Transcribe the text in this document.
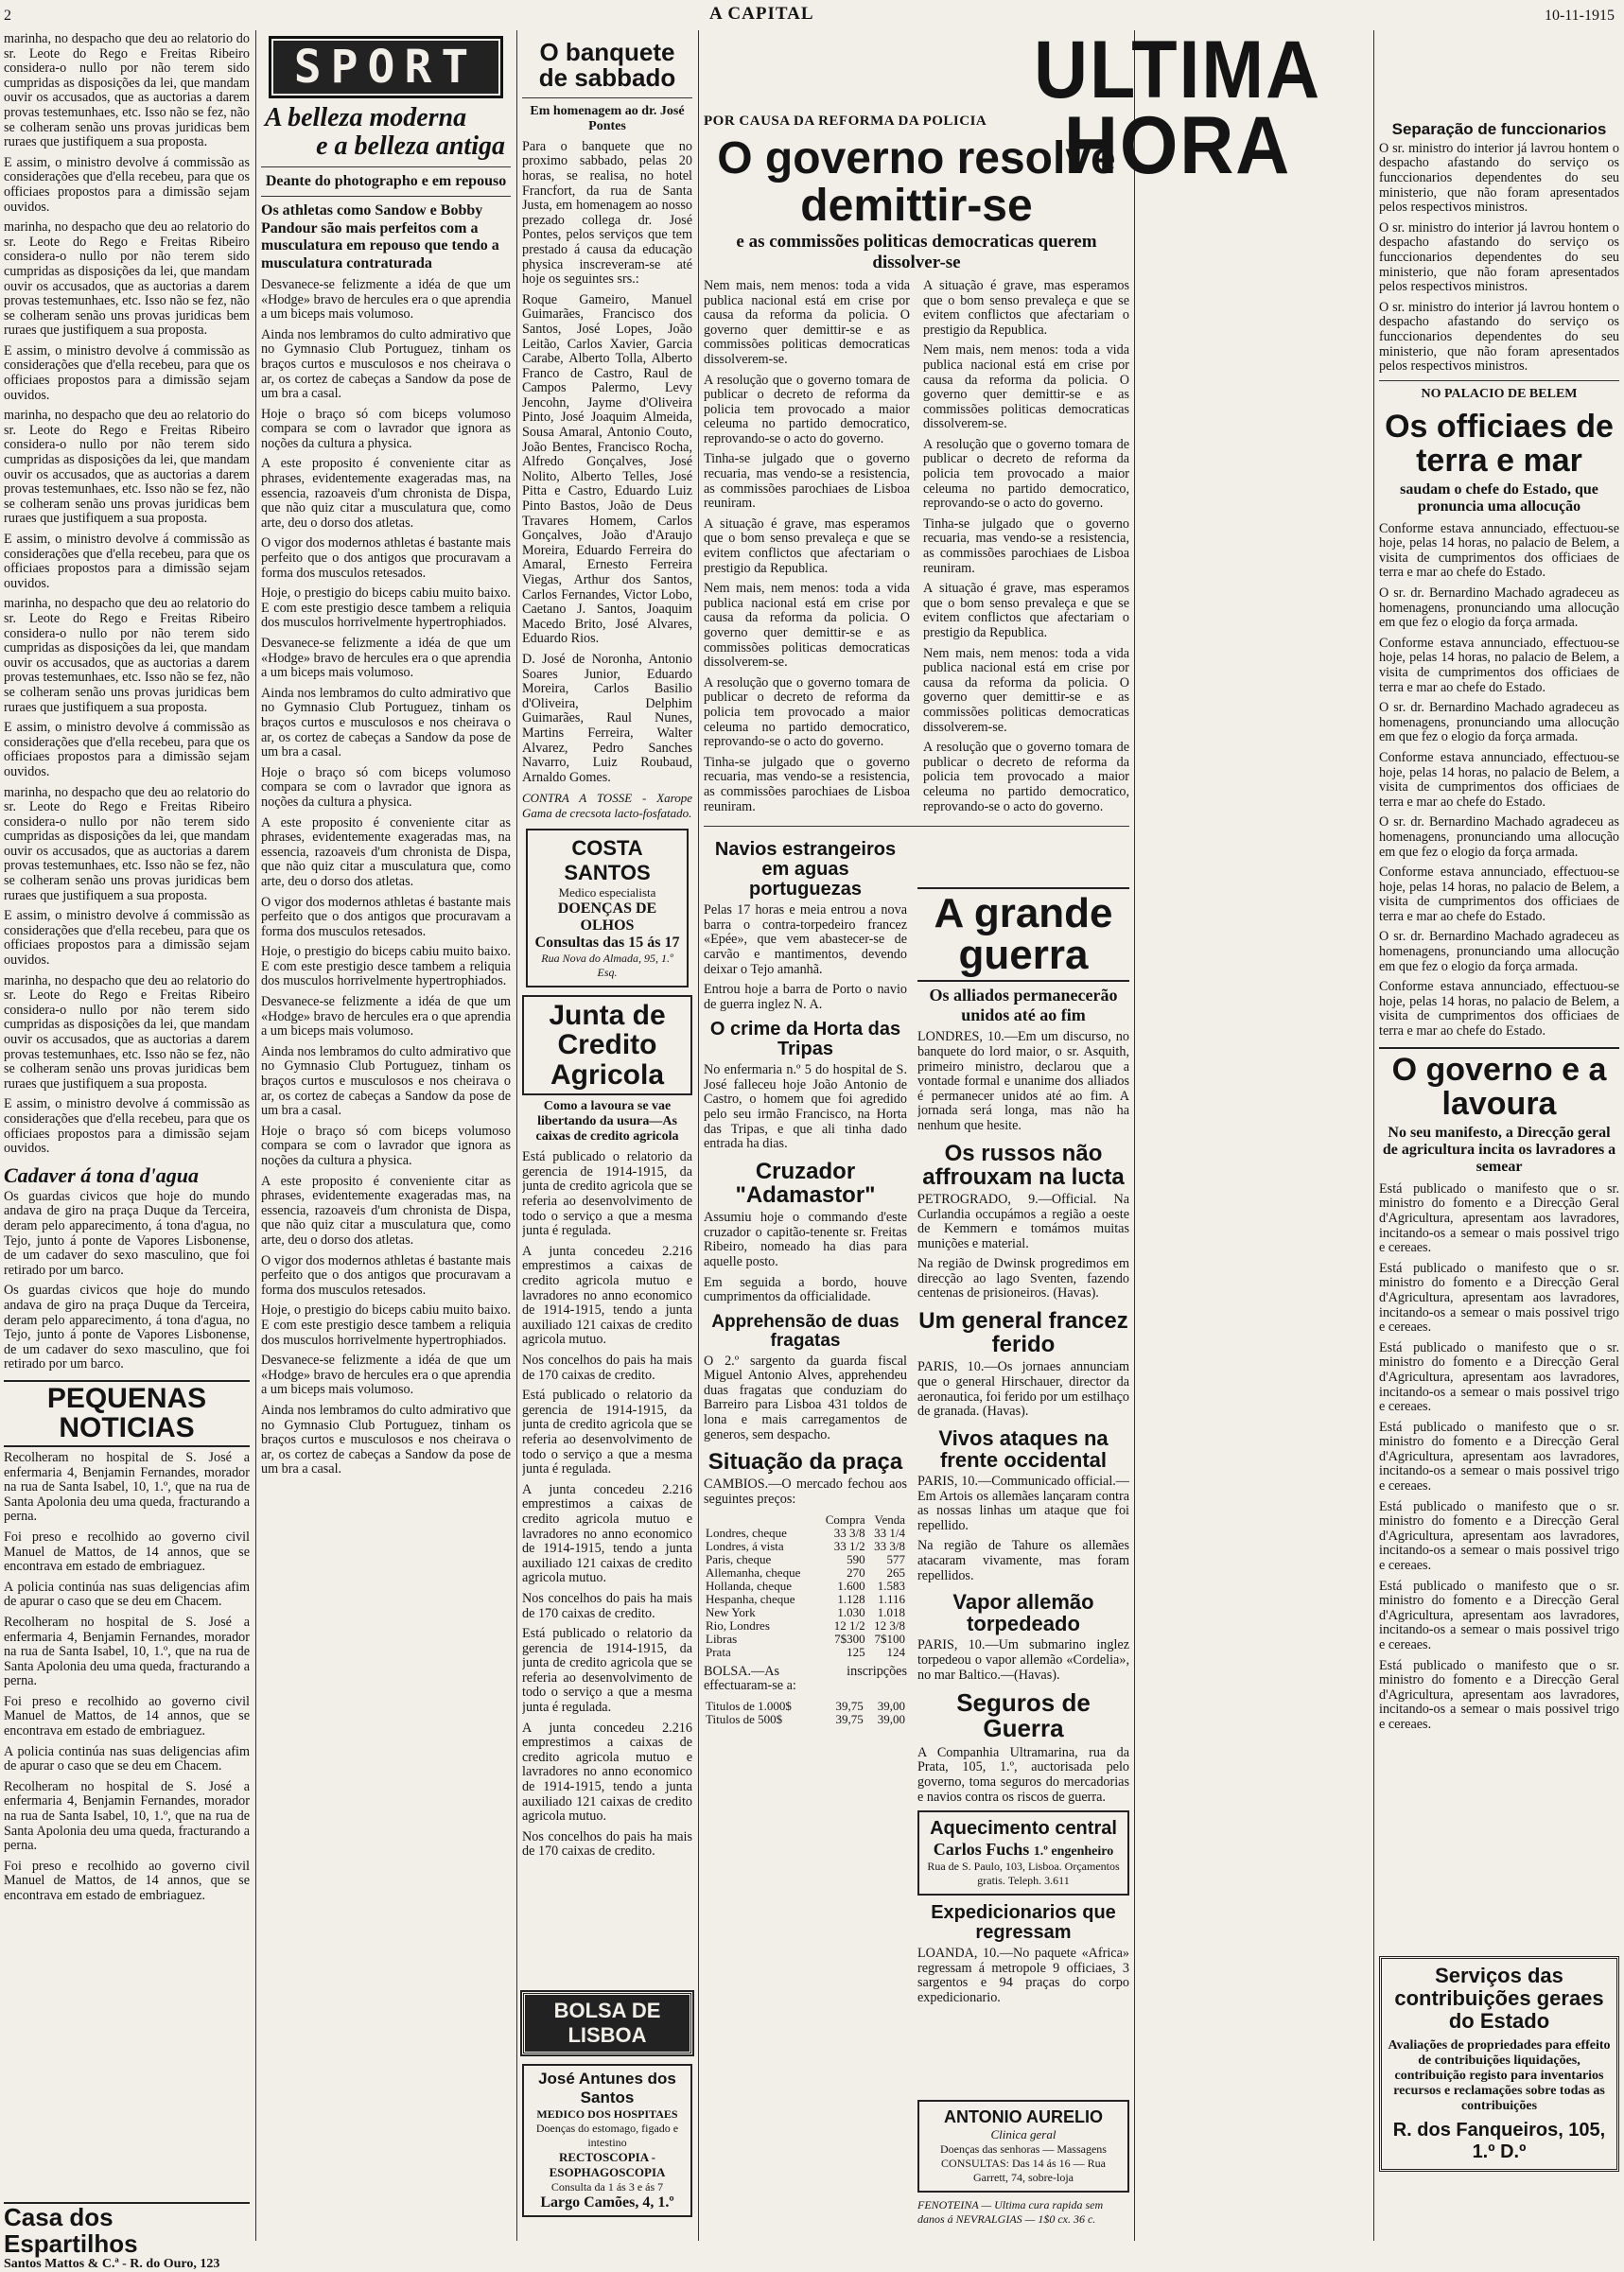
2	A CAPITAL	10-11-1915

marinha, no despacho que deu ao relatorio do sr. Leote do Rego e Freitas Ribeiro considera-o nullo por não terem sido cumpridas as disposições da lei, que mandam ouvir os accusados, que as auctorias a darem provas testemunhaes, etc. Isso não se fez, não se colheram senão uns provas juridicas bem ruraes que justifiquem a sua proposta.

E assim, o ministro devolve á commissão as considerações que d'ella recebeu, para que os officiaes propostos para a dimissão sejam ouvidos.

marinha, no despacho que deu ao relatorio do sr. Leote do Rego e Freitas Ribeiro considera-o nullo por não terem sido cumpridas as disposições da lei, que mandam ouvir os accusados, que as auctorias a darem provas testemunhaes, etc. Isso não se fez, não se colheram senão uns provas juridicas bem ruraes que justifiquem a sua proposta.

E assim, o ministro devolve á commissão as considerações que d'ella recebeu, para que os officiaes propostos para a dimissão sejam ouvidos.

marinha, no despacho que deu ao relatorio do sr. Leote do Rego e Freitas Ribeiro considera-o nullo por não terem sido cumpridas as disposições da lei, que mandam ouvir os accusados, que as auctorias a darem provas testemunhaes, etc. Isso não se fez, não se colheram senão uns provas juridicas bem ruraes que justifiquem a sua proposta.

E assim, o ministro devolve á commissão as considerações que d'ella recebeu, para que os officiaes propostos para a dimissão sejam ouvidos.

marinha, no despacho que deu ao relatorio do sr. Leote do Rego e Freitas Ribeiro considera-o nullo por não terem sido cumpridas as disposições da lei, que mandam ouvir os accusados, que as auctorias a darem provas testemunhaes, etc. Isso não se fez, não se colheram senão uns provas juridicas bem ruraes que justifiquem a sua proposta.

E assim, o ministro devolve á commissão as considerações que d'ella recebeu, para que os officiaes propostos para a dimissão sejam ouvidos.

marinha, no despacho que deu ao relatorio do sr. Leote do Rego e Freitas Ribeiro considera-o nullo por não terem sido cumpridas as disposições da lei, que mandam ouvir os accusados, que as auctorias a darem provas testemunhaes, etc. Isso não se fez, não se colheram senão uns provas juridicas bem ruraes que justifiquem a sua proposta.

E assim, o ministro devolve á commissão as considerações que d'ella recebeu, para que os officiaes propostos para a dimissão sejam ouvidos.

marinha, no despacho que deu ao relatorio do sr. Leote do Rego e Freitas Ribeiro considera-o nullo por não terem sido cumpridas as disposições da lei, que mandam ouvir os accusados, que as auctorias a darem provas testemunhaes, etc. Isso não se fez, não se colheram senão uns provas juridicas bem ruraes que justifiquem a sua proposta.

E assim, o ministro devolve á commissão as considerações que d'ella recebeu, para que os officiaes propostos para a dimissão sejam ouvidos.

Cadaver á tona d'agua

Os guardas civicos que hoje do mundo andava de giro na praça Duque da Terceira, deram pelo apparecimento, á tona d'agua, no Tejo, junto á ponte de Vapores Lisbonense, de um cadaver do sexo masculino, que foi retirado por um barco.

Os guardas civicos que hoje do mundo andava de giro na praça Duque da Terceira, deram pelo apparecimento, á tona d'agua, no Tejo, junto á ponte de Vapores Lisbonense, de um cadaver do sexo masculino, que foi retirado por um barco.

PEQUENAS NOTICIAS

Recolheram no hospital de S. José a enfermaria 4, Benjamin Fernandes, morador na rua de Santa Isabel, 10, 1.º, que na rua de Santa Apolonia deu uma queda, fracturando a perna.

Foi preso e recolhido ao governo civil Manuel de Mattos, de 14 annos, que se encontrava em estado de embriaguez.

A policia continúa nas suas deligencias afim de apurar o caso que se deu em Chacem.

Recolheram no hospital de S. José a enfermaria 4, Benjamin Fernandes, morador na rua de Santa Isabel, 10, 1.º, que na rua de Santa Apolonia deu uma queda, fracturando a perna.

Foi preso e recolhido ao governo civil Manuel de Mattos, de 14 annos, que se encontrava em estado de embriaguez.

A policia continúa nas suas deligencias afim de apurar o caso que se deu em Chacem.

Recolheram no hospital de S. José a enfermaria 4, Benjamin Fernandes, morador na rua de Santa Isabel, 10, 1.º, que na rua de Santa Apolonia deu uma queda, fracturando a perna.

Foi preso e recolhido ao governo civil Manuel de Mattos, de 14 annos, que se encontrava em estado de embriaguez.

Casa dos Espartilhos
Santos Mattos & C.ª - R. do Ouro, 123
SPORT
A belleza moderna
e a belleza antiga
Deante do photographo e em repouso
Os athletas como Sandow e Bobby Pandour são mais perfeitos com a musculatura em repouso que tendo a musculatura contraturada

Desvanece-se felizmente a idéa de que um «Hodge» bravo de hercules era o que aprendia a um biceps mais volumoso.

Ainda nos lembramos do culto admirativo que no Gymnasio Club Portuguez, tinham os braços curtos e musculosos e nos cheirava o ar, os cortez de cabeças a Sandow da pose de um bra a casal.

Hoje o braço só com biceps volumoso compara se com o lavrador que ignora as noções da cultura a physica.

A este proposito é conveniente citar as phrases, evidentemente exageradas mas, na essencia, razoaveis d'um chronista de Dispa, que não quiz citar a musculatura que, como arte, deu o dorso dos atletas.

O vigor dos modernos athletas é bastante mais perfeito que o dos antigos que procuravam a forma dos musculos retesados.

Hoje, o prestigio do biceps cabiu muito baixo. E com este prestigio desce tambem a reliquia dos musculos horrivelmente hypertrophiados.

Desvanece-se felizmente a idéa de que um «Hodge» bravo de hercules era o que aprendia a um biceps mais volumoso.

Ainda nos lembramos do culto admirativo que no Gymnasio Club Portuguez, tinham os braços curtos e musculosos e nos cheirava o ar, os cortez de cabeças a Sandow da pose de um bra a casal.

Hoje o braço só com biceps volumoso compara se com o lavrador que ignora as noções da cultura a physica.

A este proposito é conveniente citar as phrases, evidentemente exageradas mas, na essencia, razoaveis d'um chronista de Dispa, que não quiz citar a musculatura que, como arte, deu o dorso dos atletas.

O vigor dos modernos athletas é bastante mais perfeito que o dos antigos que procuravam a forma dos musculos retesados.

Hoje, o prestigio do biceps cabiu muito baixo. E com este prestigio desce tambem a reliquia dos musculos horrivelmente hypertrophiados.

Desvanece-se felizmente a idéa de que um «Hodge» bravo de hercules era o que aprendia a um biceps mais volumoso.

Ainda nos lembramos do culto admirativo que no Gymnasio Club Portuguez, tinham os braços curtos e musculosos e nos cheirava o ar, os cortez de cabeças a Sandow da pose de um bra a casal.

Hoje o braço só com biceps volumoso compara se com o lavrador que ignora as noções da cultura a physica.

A este proposito é conveniente citar as phrases, evidentemente exageradas mas, na essencia, razoaveis d'um chronista de Dispa, que não quiz citar a musculatura que, como arte, deu o dorso dos atletas.

O vigor dos modernos athletas é bastante mais perfeito que o dos antigos que procuravam a forma dos musculos retesados.

Hoje, o prestigio do biceps cabiu muito baixo. E com este prestigio desce tambem a reliquia dos musculos horrivelmente hypertrophiados.

Desvanece-se felizmente a idéa de que um «Hodge» bravo de hercules era o que aprendia a um biceps mais volumoso.

Ainda nos lembramos do culto admirativo que no Gymnasio Club Portuguez, tinham os braços curtos e musculosos e nos cheirava o ar, os cortez de cabeças a Sandow da pose de um bra a casal.

O banquete de sabbado
Em homenagem ao dr. José Pontes

Para o banquete que no proximo sabbado, pelas 20 horas, se realisa, no hotel Francfort, da rua de Santa Justa, em homenagem ao nosso prezado collega dr. José Pontes, pelos serviços que tem prestado á causa da educação physica inscreveram-se até hoje os seguintes srs.:

Roque Gameiro, Manuel Guimarães, Francisco dos Santos, José Lopes, João Leitão, Carlos Xavier, Garcia Carabe, Alberto Tolla, Alberto Franco de Castro, Raul de Campos Palermo, Levy Jencohn, Jayme d'Oliveira Pinto, José Joaquim Almeida, Sousa Amaral, Antonio Couto, João Bentes, Francisco Rocha, Alfredo Gonçalves, José Nolito, Alberto Telles, José Pitta e Castro, Eduardo Luiz Pinto Bastos, João de Deus Travares Homem, Carlos Gonçalves, João d'Araujo Moreira, Eduardo Ferreira do Amaral, Ernesto Ferreira Viegas, Arthur dos Santos, Carlos Fernandes, Victor Lobo, Caetano J. Santos, Joaquim Macedo Brito, José Alvares, Eduardo Rios.

D. José de Noronha, Antonio Soares Junior, Eduardo Moreira, Carlos Basilio d'Oliveira, Delphim Guimarães, Raul Nunes, Martins Ferreira, Walter Alvarez, Pedro Sanches Navarro, Luiz Roubaud, Arnaldo Gomes.

CONTRA A TOSSE - Xarope Gama de crecsota lacto-fosfatado.

COSTA SANTOS
Medico especialista
DOENÇAS DE OLHOS
Consultas das 15 ás 17
Rua Nova do Almada, 95, 1.º Esq.
Junta de Credito Agricola
Como a lavoura se vae libertando da usura—As caixas de credito agricola

Está publicado o relatorio da gerencia de 1914-1915, da junta de credito agricola que se referia ao desenvolvimento de todo o serviço a que a mesma junta é regulada.

A junta concedeu 2.216 emprestimos a caixas de credito agricola mutuo e lavradores no anno economico de 1914-1915, tendo a junta auxiliado 121 caixas de credito agricola mutuo.

Nos concelhos do pais ha mais de 170 caixas de credito.

Está publicado o relatorio da gerencia de 1914-1915, da junta de credito agricola que se referia ao desenvolvimento de todo o serviço a que a mesma junta é regulada.

A junta concedeu 2.216 emprestimos a caixas de credito agricola mutuo e lavradores no anno economico de 1914-1915, tendo a junta auxiliado 121 caixas de credito agricola mutuo.

Nos concelhos do pais ha mais de 170 caixas de credito.

Está publicado o relatorio da gerencia de 1914-1915, da junta de credito agricola que se referia ao desenvolvimento de todo o serviço a que a mesma junta é regulada.

A junta concedeu 2.216 emprestimos a caixas de credito agricola mutuo e lavradores no anno economico de 1914-1915, tendo a junta auxiliado 121 caixas de credito agricola mutuo.

Nos concelhos do pais ha mais de 170 caixas de credito.

BOLSA DE LISBOA
José Antunes dos Santos
MEDICO DOS HOSPITAES
Doenças do estomago, figado e intestino
RECTOSCOPIA - ESOPHAGOSCOPIA
Consulta da 1 ás 3 e ás 7
Largo Camões, 4, 1.º
POR CAUSA DA REFORMA DA POLICIA
O governo resolve demittir-se
e as commissões politicas democraticas querem dissolver-se

Nem mais, nem menos: toda a vida publica nacional está em crise por causa da reforma da policia. O governo quer demittir-se e as commissões politicas democraticas dissolverem-se.

A resolução que o governo tomara de publicar o decreto de reforma da policia tem provocado a maior celeuma no partido democratico, reprovando-se o acto do governo.

Tinha-se julgado que o governo recuaria, mas vendo-se a resistencia, as commissões parochiaes de Lisboa reuniram.

A situação é grave, mas esperamos que o bom senso prevaleça e que se evitem conflictos que afectariam o prestigio da Republica.

Nem mais, nem menos: toda a vida publica nacional está em crise por causa da reforma da policia. O governo quer demittir-se e as commissões politicas democraticas dissolverem-se.

A resolução que o governo tomara de publicar o decreto de reforma da policia tem provocado a maior celeuma no partido democratico, reprovando-se o acto do governo.

Tinha-se julgado que o governo recuaria, mas vendo-se a resistencia, as commissões parochiaes de Lisboa reuniram.

A situação é grave, mas esperamos que o bom senso prevaleça e que se evitem conflictos que afectariam o prestigio da Republica.

Nem mais, nem menos: toda a vida publica nacional está em crise por causa da reforma da policia. O governo quer demittir-se e as commissões politicas democraticas dissolverem-se.

A resolução que o governo tomara de publicar o decreto de reforma da policia tem provocado a maior celeuma no partido democratico, reprovando-se o acto do governo.

Tinha-se julgado que o governo recuaria, mas vendo-se a resistencia, as commissões parochiaes de Lisboa reuniram.

A situação é grave, mas esperamos que o bom senso prevaleça e que se evitem conflictos que afectariam o prestigio da Republica.

Nem mais, nem menos: toda a vida publica nacional está em crise por causa da reforma da policia. O governo quer demittir-se e as commissões politicas democraticas dissolverem-se.

A resolução que o governo tomara de publicar o decreto de reforma da policia tem provocado a maior celeuma no partido democratico, reprovando-se o acto do governo.

Navios estrangeiros em aguas portuguezas

Pelas 17 horas e meia entrou a nova barra o contra-torpedeiro francez «Epée», que vem abastecer-se de carvão e mantimentos, devendo deixar o Tejo amanhã.

Entrou hoje a barra de Porto o navio de guerra inglez N. A.

O crime da Horta das Tripas

No enfermaria n.º 5 do hospital de S. José falleceu hoje João Antonio de Castro, o homem que foi agredido pelo seu irmão Francisco, na Horta das Tripas, e que ali tinha dado entrada ha dias.

Cruzador "Adamastor"

Assumiu hoje o commando d'este cruzador o capitão-tenente sr. Freitas Ribeiro, nomeado ha dias para aquelle posto.

Em seguida a bordo, houve cumprimentos da officialidade.

Apprehensão de duas fragatas

O 2.º sargento da guarda fiscal Miguel Antonio Alves, apprehendeu duas fragatas que conduziam do Barreiro para Lisboa 431 toldos de lona e mais carregamentos de generos, sem despacho.

Situação da praça

CAMBIOS.—O mercado fechou aos seguintes preços:

	Compra	Venda
Londres, cheque	33 3/8	33 1/4
Londres, á vista	33 1/2	33 3/8
Paris, cheque	590	577
Allemanha, cheque	270	265
Hollanda, cheque	1.600	1.583
Hespanha, cheque	1.128	1.116
New York	1.030	1.018
Rio, Londres	12 1/2	12 3/8
Libras	7$300	7$100
Prata	125	124

BOLSA.—As inscripções effectuaram-se a:

Titulos de 1.000$	39,75	39,00
Titulos de 500$	39,75	39,00
ULTIMA HORA
A grande guerra
Os alliados permanecerão unidos até ao fim

LONDRES, 10.—Em um discurso, no banquete do lord maior, o sr. Asquith, primeiro ministro, declarou que a vontade formal e unanime dos alliados é permanecer unidos até ao fim. A jornada será longa, mas não ha nenhum que hesite.

Os russos não affrouxam na lucta

PETROGRADO, 9.—Official. Na Curlandia occupámos a região a oeste de Kemmern e tomámos muitas munições e material.

Na região de Dwinsk progredimos em direcção ao lago Sventen, fazendo centenas de prisioneiros. (Havas).

Um general francez ferido

PARIS, 10.—Os jornaes annunciam que o general Hirschauer, director da aeronautica, foi ferido por um estilhaço de granada. (Havas).

Vivos ataques na frente occidental

PARIS, 10.—Communicado official.—Em Artois os allemães lançaram contra as nossas linhas um ataque que foi repellido.

Na região de Tahure os allemães atacaram vivamente, mas foram repellidos.

Vapor allemão torpedeado

PARIS, 10.—Um submarino inglez torpedeou o vapor allemão «Cordelia», no mar Baltico.—(Havas).

Seguros de Guerra

A Companhia Ultramarina, rua da Prata, 105, 1.º, auctorisada pelo governo, toma seguros do mercadorias e navios contra os riscos de guerra.

Aquecimento central
Carlos Fuchs 1.º engenheiro
Rua de S. Paulo, 103, Lisboa. Orçamentos gratis. Teleph. 3.611
Expedicionarios que regressam

LOANDA, 10.—No paquete «Africa» regressam á metropole 9 officiaes, 3 sargentos e 94 praças do corpo expedicionario.

ANTONIO AURELIO
Clinica geral
Doenças das senhoras — Massagens CONSULTAS: Das 14 ás 16 — Rua Garrett, 74, sobre-loja
FENOTEINA — Ultima cura rapida sem danos á NEVRALGIAS — 1$0 cx. 36 c.
Separação de funccionarios

O sr. ministro do interior já lavrou hontem o despacho afastando do serviço os funccionarios dependentes do seu ministerio, que não foram apresentados pelos respectivos ministros.

O sr. ministro do interior já lavrou hontem o despacho afastando do serviço os funccionarios dependentes do seu ministerio, que não foram apresentados pelos respectivos ministros.

O sr. ministro do interior já lavrou hontem o despacho afastando do serviço os funccionarios dependentes do seu ministerio, que não foram apresentados pelos respectivos ministros.

NO PALACIO DE BELEM
Os officiaes de terra e mar
saudam o chefe do Estado, que pronuncia uma allocução

Conforme estava annunciado, effectuou-se hoje, pelas 14 horas, no palacio de Belem, a visita de cumprimentos dos officiaes de terra e mar ao chefe do Estado.

O sr. dr. Bernardino Machado agradeceu as homenagens, pronunciando uma allocução em que fez o elogio da força armada.

Conforme estava annunciado, effectuou-se hoje, pelas 14 horas, no palacio de Belem, a visita de cumprimentos dos officiaes de terra e mar ao chefe do Estado.

O sr. dr. Bernardino Machado agradeceu as homenagens, pronunciando uma allocução em que fez o elogio da força armada.

Conforme estava annunciado, effectuou-se hoje, pelas 14 horas, no palacio de Belem, a visita de cumprimentos dos officiaes de terra e mar ao chefe do Estado.

O sr. dr. Bernardino Machado agradeceu as homenagens, pronunciando uma allocução em que fez o elogio da força armada.

Conforme estava annunciado, effectuou-se hoje, pelas 14 horas, no palacio de Belem, a visita de cumprimentos dos officiaes de terra e mar ao chefe do Estado.

O sr. dr. Bernardino Machado agradeceu as homenagens, pronunciando uma allocução em que fez o elogio da força armada.

Conforme estava annunciado, effectuou-se hoje, pelas 14 horas, no palacio de Belem, a visita de cumprimentos dos officiaes de terra e mar ao chefe do Estado.

O governo e a lavoura
No seu manifesto, a Direcção geral de agricultura incita os lavradores a semear

Está publicado o manifesto que o sr. ministro do fomento e a Direcção Geral d'Agricultura, apresentam aos lavradores, incitando-os a semear o mais possivel trigo e cereaes.

Está publicado o manifesto que o sr. ministro do fomento e a Direcção Geral d'Agricultura, apresentam aos lavradores, incitando-os a semear o mais possivel trigo e cereaes.

Está publicado o manifesto que o sr. ministro do fomento e a Direcção Geral d'Agricultura, apresentam aos lavradores, incitando-os a semear o mais possivel trigo e cereaes.

Está publicado o manifesto que o sr. ministro do fomento e a Direcção Geral d'Agricultura, apresentam aos lavradores, incitando-os a semear o mais possivel trigo e cereaes.

Está publicado o manifesto que o sr. ministro do fomento e a Direcção Geral d'Agricultura, apresentam aos lavradores, incitando-os a semear o mais possivel trigo e cereaes.

Está publicado o manifesto que o sr. ministro do fomento e a Direcção Geral d'Agricultura, apresentam aos lavradores, incitando-os a semear o mais possivel trigo e cereaes.

Está publicado o manifesto que o sr. ministro do fomento e a Direcção Geral d'Agricultura, apresentam aos lavradores, incitando-os a semear o mais possivel trigo e cereaes.

Serviços das contribuições geraes do Estado
Avaliações de propriedades para effeito de contribuições liquidações, contribuição registo para inventarios recursos e reclamações sobre todas as contribuições
R. dos Fanqueiros, 105, 1.º D.º
